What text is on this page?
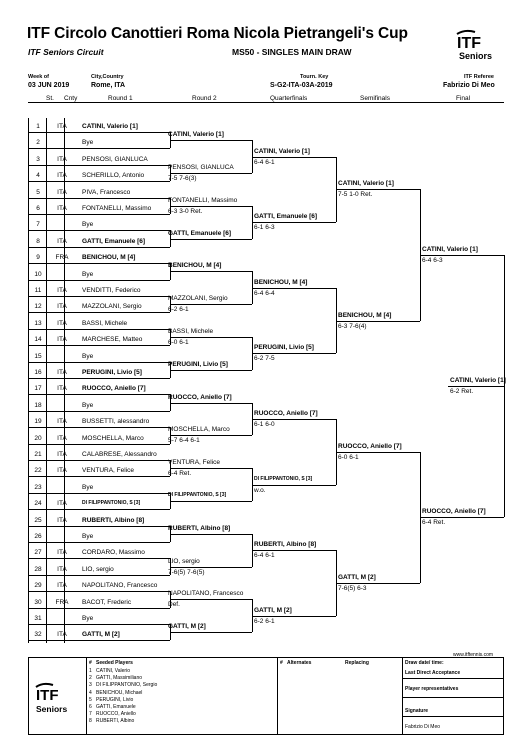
ITF Circolo Canottieri Roma Nicola Pietrangeli's Cup
ITF Seniors Circuit	MS50 - SINGLES MAIN DRAW	ITF
Seniors
Week of
03 JUN 2019
City,Country
Rome, ITA
Tourn. Key
S-G2-ITA-03A-2019
ITF Referee
Fabrizio Di Meo
St. Cnty	Round 1	Round 2	Quarterfinals	Semifinals	Final
1	ITA	CATINI, Valerio [1]
2	Bye
3	ITA	PENSOSI, GIANLUCA
4	ITA	SCHERILLO, Antonio
5	ITA	PIVA, Francesco
6	ITA	FONTANELLI, Massimo
7	Bye
8	ITA	GATTI, Emanuele [6]
9	FRA	BENICHOU, M [4]
10	Bye
11	ITA	VENDITTI, Federico
12	ITA	MAZZOLANI, Sergio
13	ITA	BASSI, Michele
14	ITA	MARCHESE, Matteo
15	Bye
16	ITA	PERUGINI, Livio [5]
17	ITA	RUOCCO, Aniello [7]
18	Bye
19	ITA	BUSSETTI, alessandro
20	ITA	MOSCHELLA, Marco
21	ITA	CALABRESE, Alessandro
22	ITA	VENTURA, Felice
23	Bye
24	ITA	DI FILIPPANTONIO, S [3]
25	ITA	RUBERTI, Albino [8]
26	Bye
27	ITA	CORDARO, Massimo
28	ITA	LIO, sergio
29	ITA	NAPOLITANO, Francesco
30	FRA	BACOT, Frederic
31	Bye
32	ITA	GATTI, M [2]
CATINI, Valerio [1]
PENSOSI, GIANLUCA
7-5 7-6(3)
FONTANELLI, Massimo
6-3 3-0 Ret.
GATTI, Emanuele [6]
BENICHOU, M [4]
MAZZOLANI, Sergio
6-2 6-1
BASSI, Michele
6-0 6-1
PERUGINI, Livio [5]
RUOCCO, Aniello [7]
MOSCHELLA, Marco
5-7 6-4 6-1
VENTURA, Felice
6-4 Ret.
DI FILIPPANTONIO, S [3]
RUBERTI, Albino [8]
LIO, sergio
7-6(5) 7-6(5)
NAPOLITANO, Francesco
Def.
GATTI, M [2]
CATINI, Valerio [1]
6-4 6-1
GATTI, Emanuele [6]
6-1 6-3
BENICHOU, M [4]
6-4 6-4
PERUGINI, Livio [5]
6-2 7-5
RUOCCO, Aniello [7]
6-1 6-0
DI FILIPPANTONIO, S [3]
w.o.
RUBERTI, Albino [8]
6-4 6-1
GATTI, M [2]
6-2 6-1
CATINI, Valerio [1]
7-5 1-0 Ret.
BENICHOU, M [4]
6-3 7-6(4)
RUOCCO, Aniello [7]
6-0 6-1
GATTI, M [2]
7-6(5) 6-3
CATINI, Valerio [1]
6-4 6-3
RUOCCO, Aniello [7]
6-4 Ret.
CATINI, Valerio [1]
6-2 Ret.
www.itftennis.com
ITF
Seniors
# Seeded Players
1 CATINI, Valerio
2 GATTI, Massimiliano
3 DI FILIPPANTONIO, Sergio
4 BENICHOU, Michael
5 PERUGINI, Livio
6 GATTI, Emanuele
7 RUOCCO, Aniello
8 RUBERTI, Albino
# Alternates	Replacing	Draw date/ time:
Last Direct Acceptance
Player representatives
Signature
Fabrizio Di Meo
